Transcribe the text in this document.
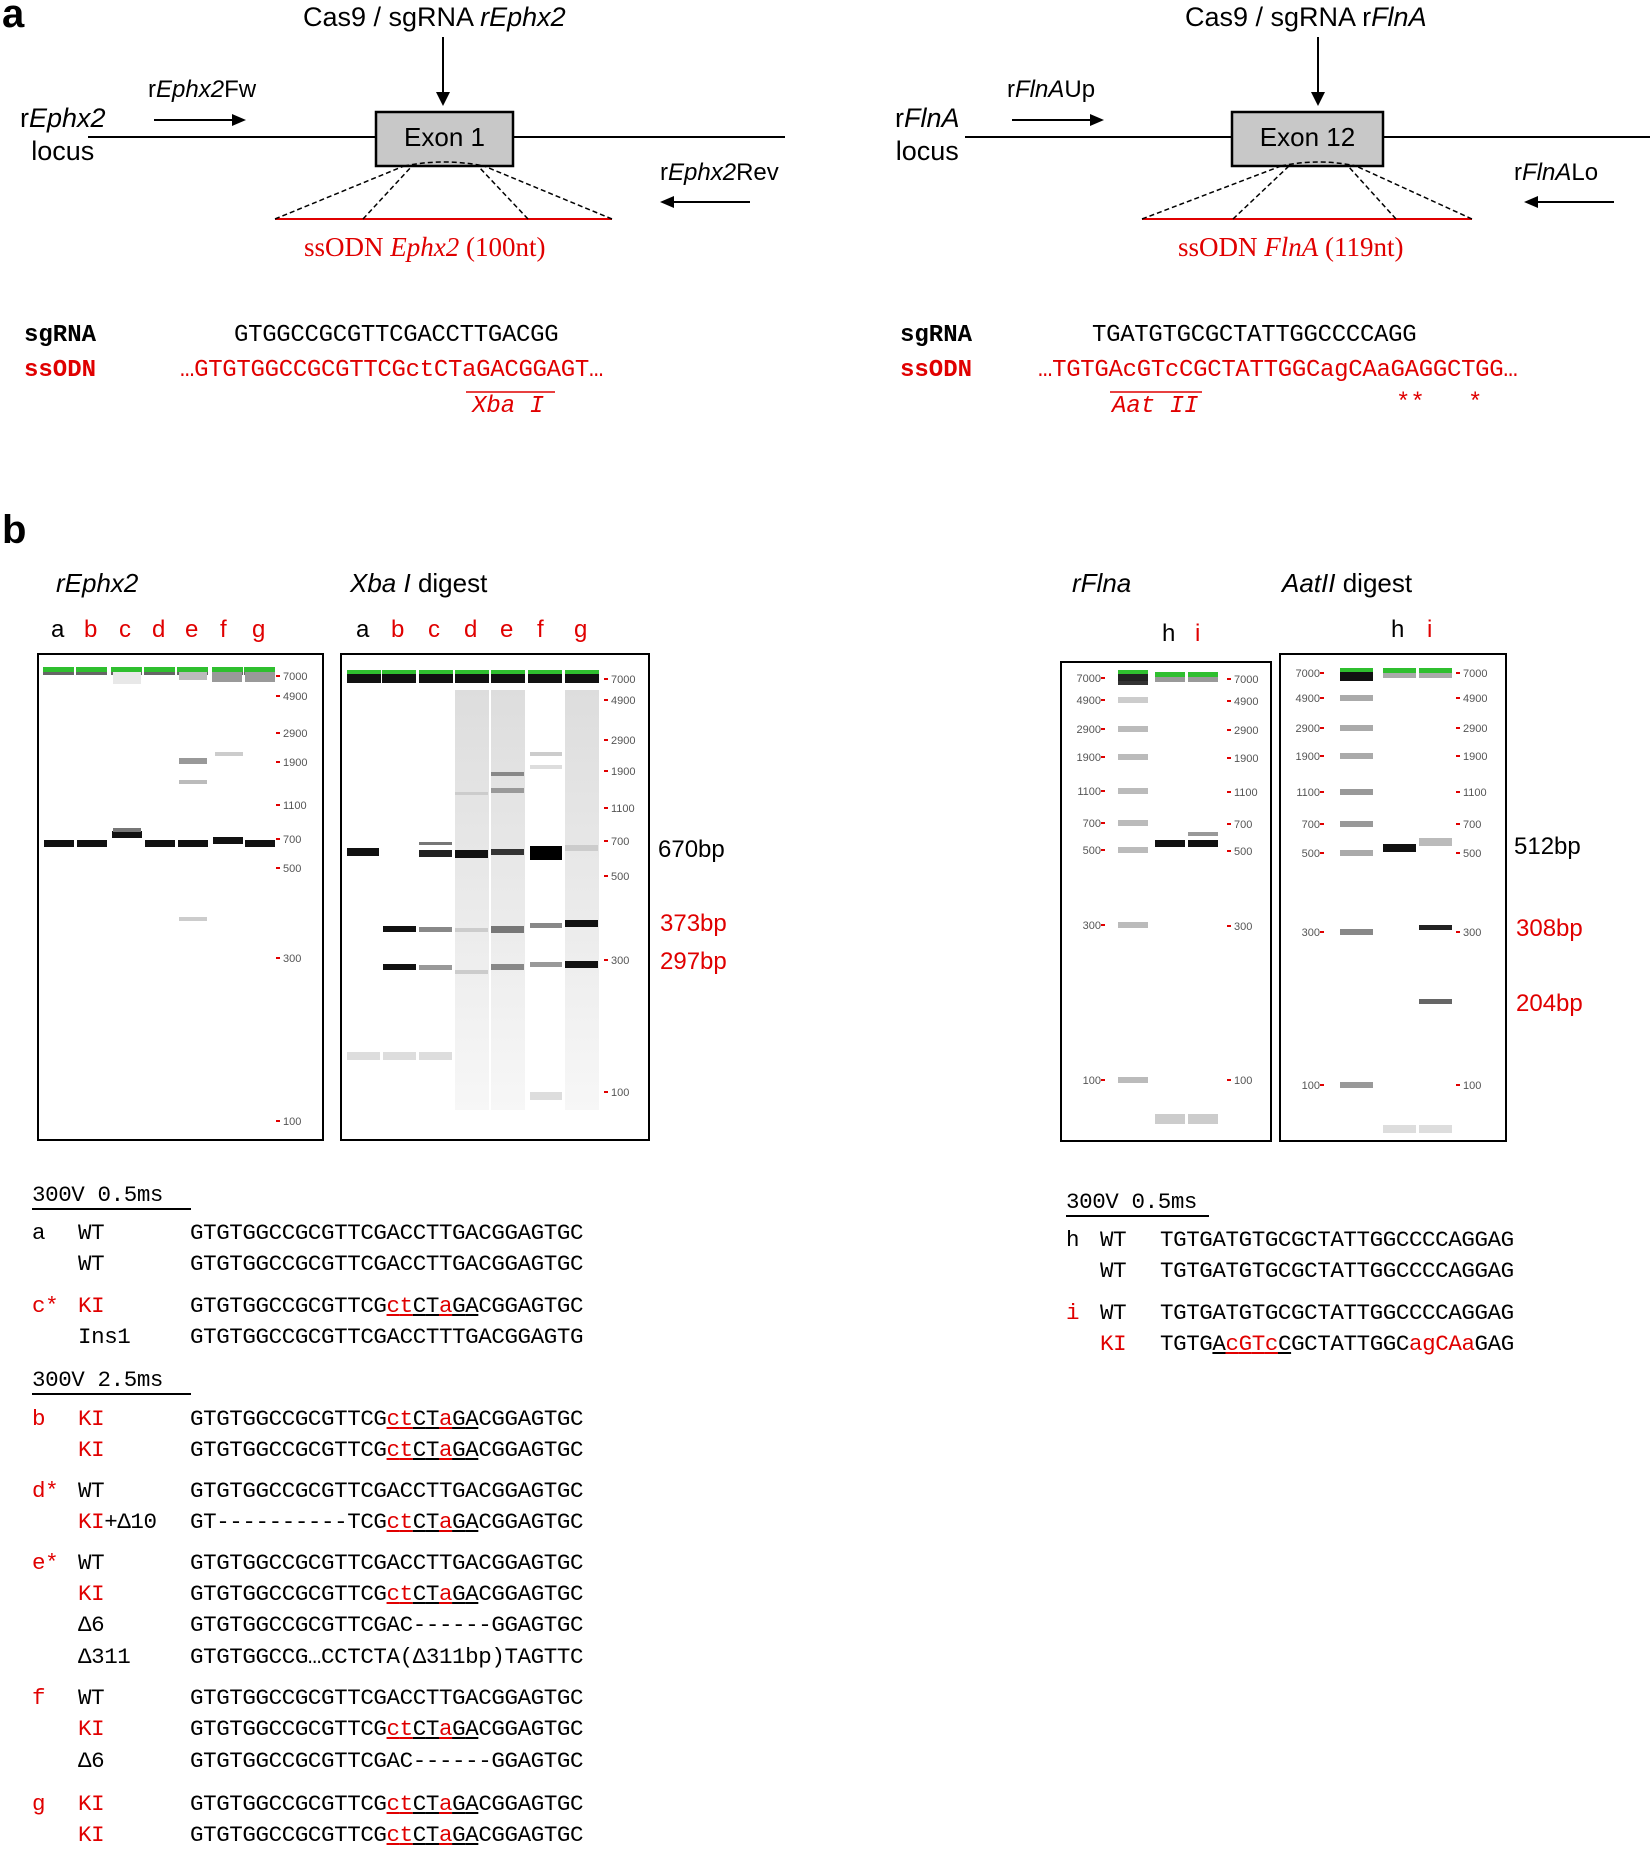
a	Cas9 / sgRNA rEphx2
rEphx2
locus
rEphx2Fw
rEphx2Rev
Exon 1
ssODN Ephx2 (100nt)
sgRNA	GTGGCCGCGTTCGACCTTGACGG
ssODN	…GTGTGGCCGCGTTCGctCTaGACGGAGT…
Xba I
Cas9 / sgRNA rFlnA
rFlnA
locus
rFlnAUp
rFlnALo
Exon 12
ssODN FlnA (119nt)
sgRNA	TGATGTGCGCTATTGGCCCCAGG
ssODN	…TGTGAcGTcCGCTATTGGCagCAaGAGGCTGG…
Aat II	**   *
b
rEphx2	Xba I digest	rFlna	AatII digest
a b c d e f g	a b c d e f g	h i	h i
7000
4900
2900
1900
1100
700
500
300
100
7000
4900
2900
1900
1100
700
500
300
100
7000	7000
4900	4900
2900	2900
1900	1900
1100	1100
700	700
500	500
300	300
100	100
7000	7000
4900	4900
2900	2900
1900	1900
1100	1100
700	700
500	500
300	300
100	100
670bp
373bp
297bp
512bp
308bp
204bp
300V 0.5ms
300V 2.5ms
a WT	GTGTGGCCGCGTTCGACCTTGACGGAGTGC
WT	GTGTGGCCGCGTTCGACCTTGACGGAGTGC
c* KI	GTGTGGCCGCGTTCGctCTaGACGGAGTGC
Ins1	GTGTGGCCGCGTTCGACCTTTGACGGAGTG
b KI	GTGTGGCCGCGTTCGctCTaGACGGAGTGC
KI	GTGTGGCCGCGTTCGctCTaGACGGAGTGC
d* WT	GTGTGGCCGCGTTCGACCTTGACGGAGTGC
KI+Δ10 GT----------TCGctCTaGACGGAGTGC
e* WT	GTGTGGCCGCGTTCGACCTTGACGGAGTGC
KI	GTGTGGCCGCGTTCGctCTaGACGGAGTGC
Δ6	GTGTGGCCGCGTTCGAC------GGAGTGC
Δ311	GTGTGGCCG…CCTCTA(Δ311bp)TAGTTC
f WT	GTGTGGCCGCGTTCGACCTTGACGGAGTGC
KI	GTGTGGCCGCGTTCGctCTaGACGGAGTGC
Δ6	GTGTGGCCGCGTTCGAC------GGAGTGC
g KI	GTGTGGCCGCGTTCGctCTaGACGGAGTGC
KI	GTGTGGCCGCGTTCGctCTaGACGGAGTGC
300V 0.5ms
h WT TGTGATGTGCGCTATTGGCCCCAGGAG
WT TGTGATGTGCGCTATTGGCCCCAGGAG
i WT TGTGATGTGCGCTATTGGCCCCAGGAG
KI TGTGAcGTcCGCTATTGGCagCAaGAG
